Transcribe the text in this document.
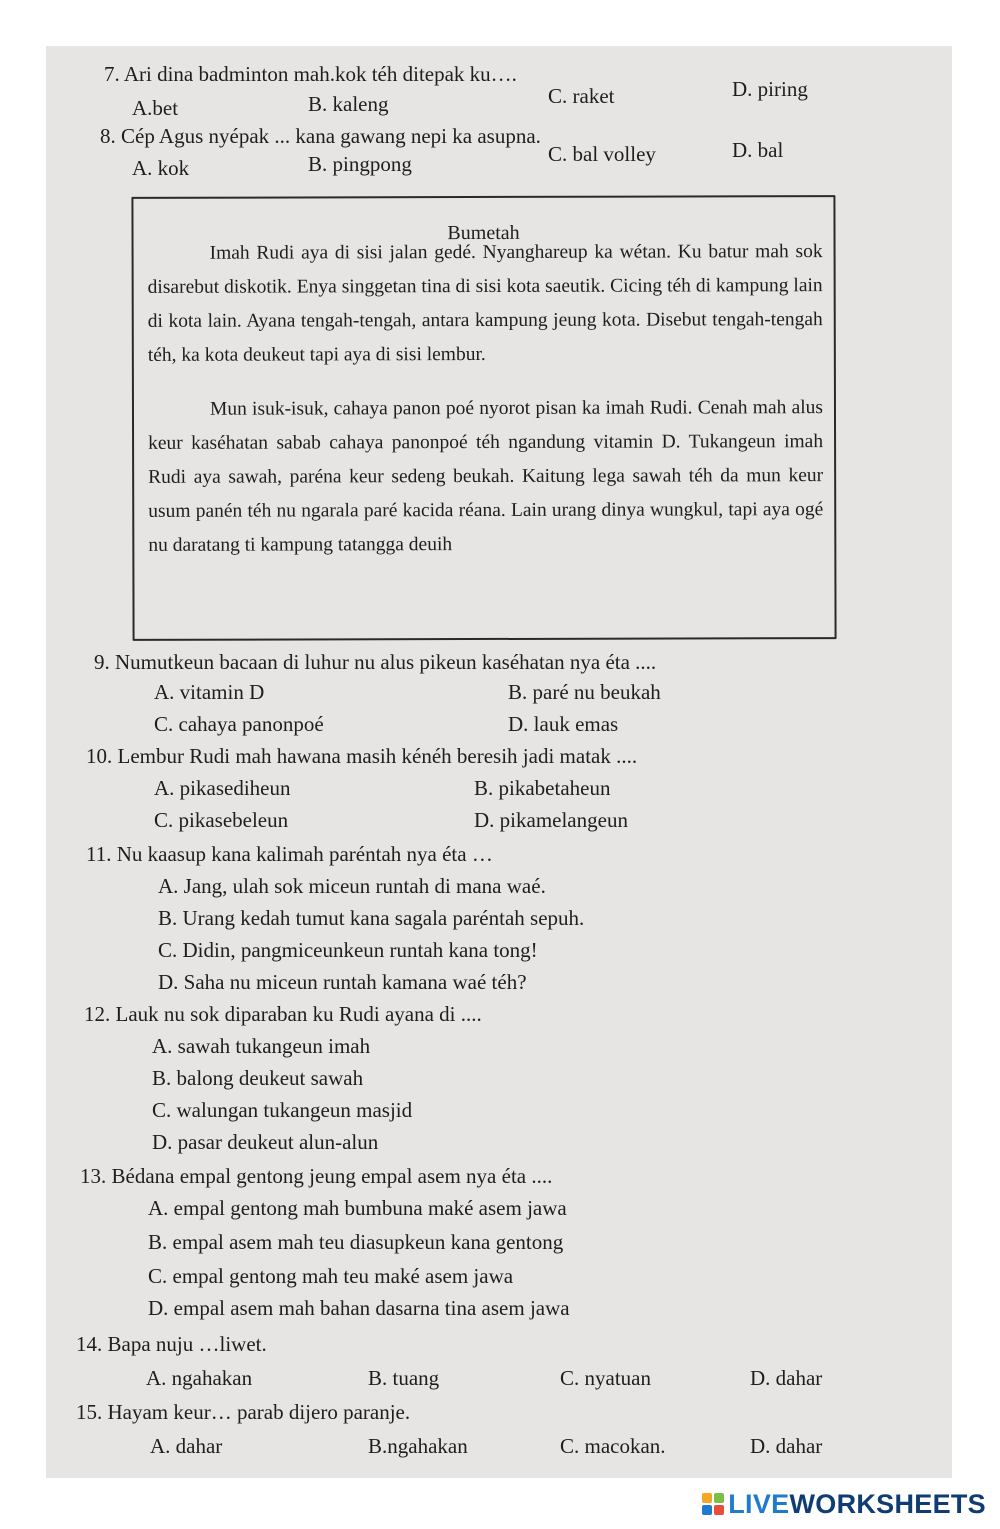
7. Ari dina badminton mah.kok téh ditepak ku….
A.bet	B. kaleng	C. raket	D. piring
8. Cép Agus nyépak ... kana gawang nepi ka asupna.
A. kok	B. pingpong	C. bal volley	D. bal
9. Numutkeun bacaan di luhur nu alus pikeun kaséhatan nya éta ....
A. vitamin D	B. paré nu beukah
C. cahaya panonpoé	D. lauk emas
10. Lembur Rudi mah hawana masih kénéh beresih jadi matak ....
A. pikasedihеun	B. pikabetaheun
C. pikasebeleun	D. pikamelangeun
11. Nu kaasup kana kalimah paréntah nya éta …
A. Jang, ulah sok miceun runtah di mana waé.
B. Urang kedah tumut kana sagala paréntah sepuh.
C. Didin, pangmiceunkeun runtah kana tong!
D. Saha nu miceun runtah kamana waé téh?
12. Lauk nu sok diparaban ku Rudi ayana di ....
A. sawah tukangeun imah
B. balong deukeut sawah
C. walungan tukangeun masjid
D. pasar deukeut alun-alun
13. Bédana empal gentong jeung empal asem nya éta ....
A. empal gentong mah bumbuna maké asem jawa
B. empal asem mah teu diasupkeun kana gentong
C. empal gentong mah teu maké asem jawa
D. empal asem mah bahan dasarna tina asem jawa
14. Bapa nuju …liwet.
A. ngahakan	B. tuang	C. nyatuan	D. dahar
15. Hayam keur… parab dijero paranje.
A. dahar	B.ngahakan	C. macokan.	D. dahar
Bumetah

Imah Rudi aya di sisi jalan gedé. Nyanghareup ka wétan. Ku batur mah sok disarebut diskotik. Enya singgetan tina di sisi kota saeutik. Cicing téh di kampung lain di kota lain. Ayana tengah-tengah, antara kampung jeung kota. Disebut tengah-tengah téh, ka kota deukeut tapi aya di sisi lembur.

Mun isuk-isuk, cahaya panon poé nyorot pisan ka imah Rudi. Cenah mah alus keur kaséhatan sabab cahaya panonpoé téh ngandung vitamin D. Tukangeun imah Rudi aya sawah, paréna keur sedeng beukah. Kaitung lega sawah téh da mun keur usum panén téh nu ngarala paré kacida réana. Lain urang dinya wungkul, tapi aya ogé nu daratang ti kampung tatangga deuih

LIVEWORKSHEETS
